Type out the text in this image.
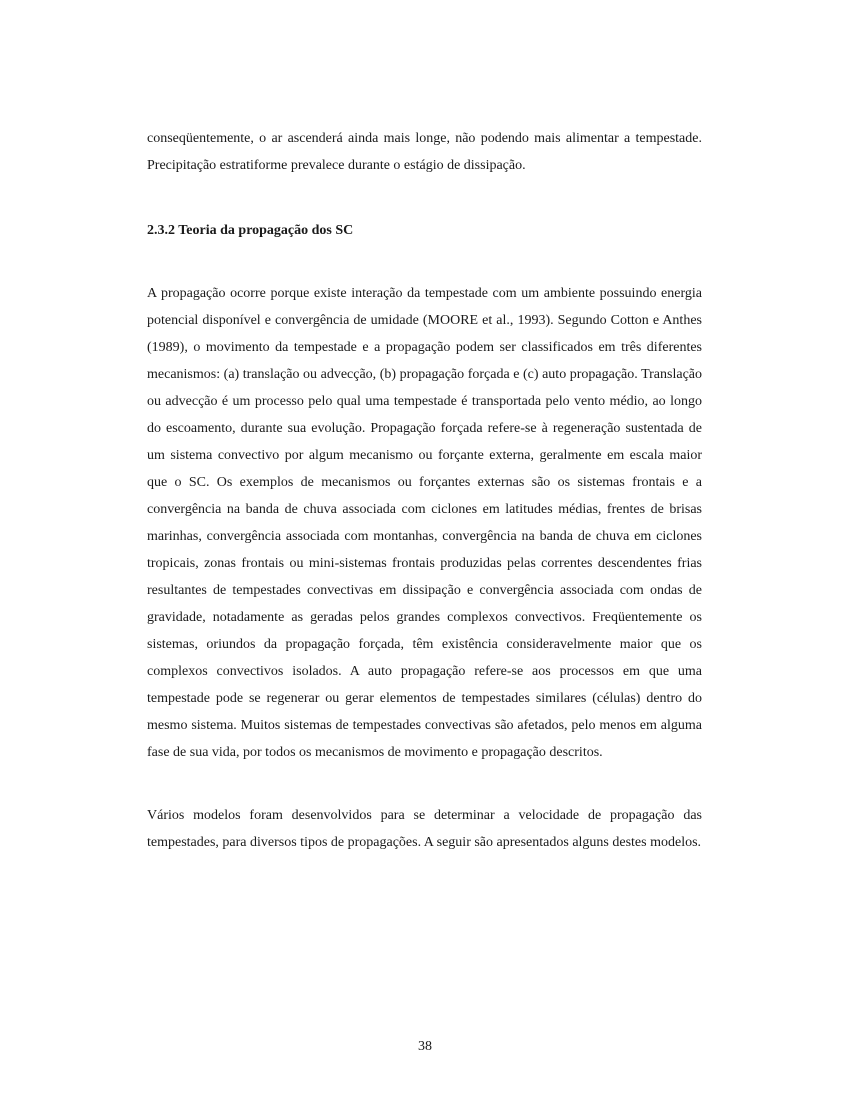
conseqüentemente, o ar ascenderá ainda mais longe, não podendo mais alimentar a tempestade. Precipitação estratiforme prevalece durante o estágio de dissipação.

2.3.2 Teoria da propagação dos SC

A propagação ocorre porque existe interação da tempestade com um ambiente possuindo energia potencial disponível e convergência de umidade (MOORE et al., 1993). Segundo Cotton e Anthes (1989), o movimento da tempestade e a propagação podem ser classificados em três diferentes mecanismos: (a) translação ou advecção, (b) propagação forçada e (c) auto propagação. Translação ou advecção é um processo pelo qual uma tempestade é transportada pelo vento médio, ao longo do escoamento, durante sua evolução. Propagação forçada refere-se à regeneração sustentada de um sistema convectivo por algum mecanismo ou forçante externa, geralmente em escala maior que o SC. Os exemplos de mecanismos ou forçantes externas são os sistemas frontais e a convergência na banda de chuva associada com ciclones em latitudes médias, frentes de brisas marinhas, convergência associada com montanhas, convergência na banda de chuva em ciclones tropicais, zonas frontais ou mini-sistemas frontais produzidas pelas correntes descendentes frias resultantes de tempestades convectivas em dissipação e convergência associada com ondas de gravidade, notadamente as geradas pelos grandes complexos convectivos. Freqüentemente os sistemas, oriundos da propagação forçada, têm existência consideravelmente maior que os complexos convectivos isolados. A auto propagação refere-se aos processos em que uma tempestade pode se regenerar ou gerar elementos de tempestades similares (células) dentro do mesmo sistema. Muitos sistemas de tempestades convectivas são afetados, pelo menos em alguma fase de sua vida, por todos os mecanismos de movimento e propagação descritos.

Vários modelos foram desenvolvidos para se determinar a velocidade de propagação das tempestades, para diversos tipos de propagações. A seguir são apresentados alguns destes modelos.

38
